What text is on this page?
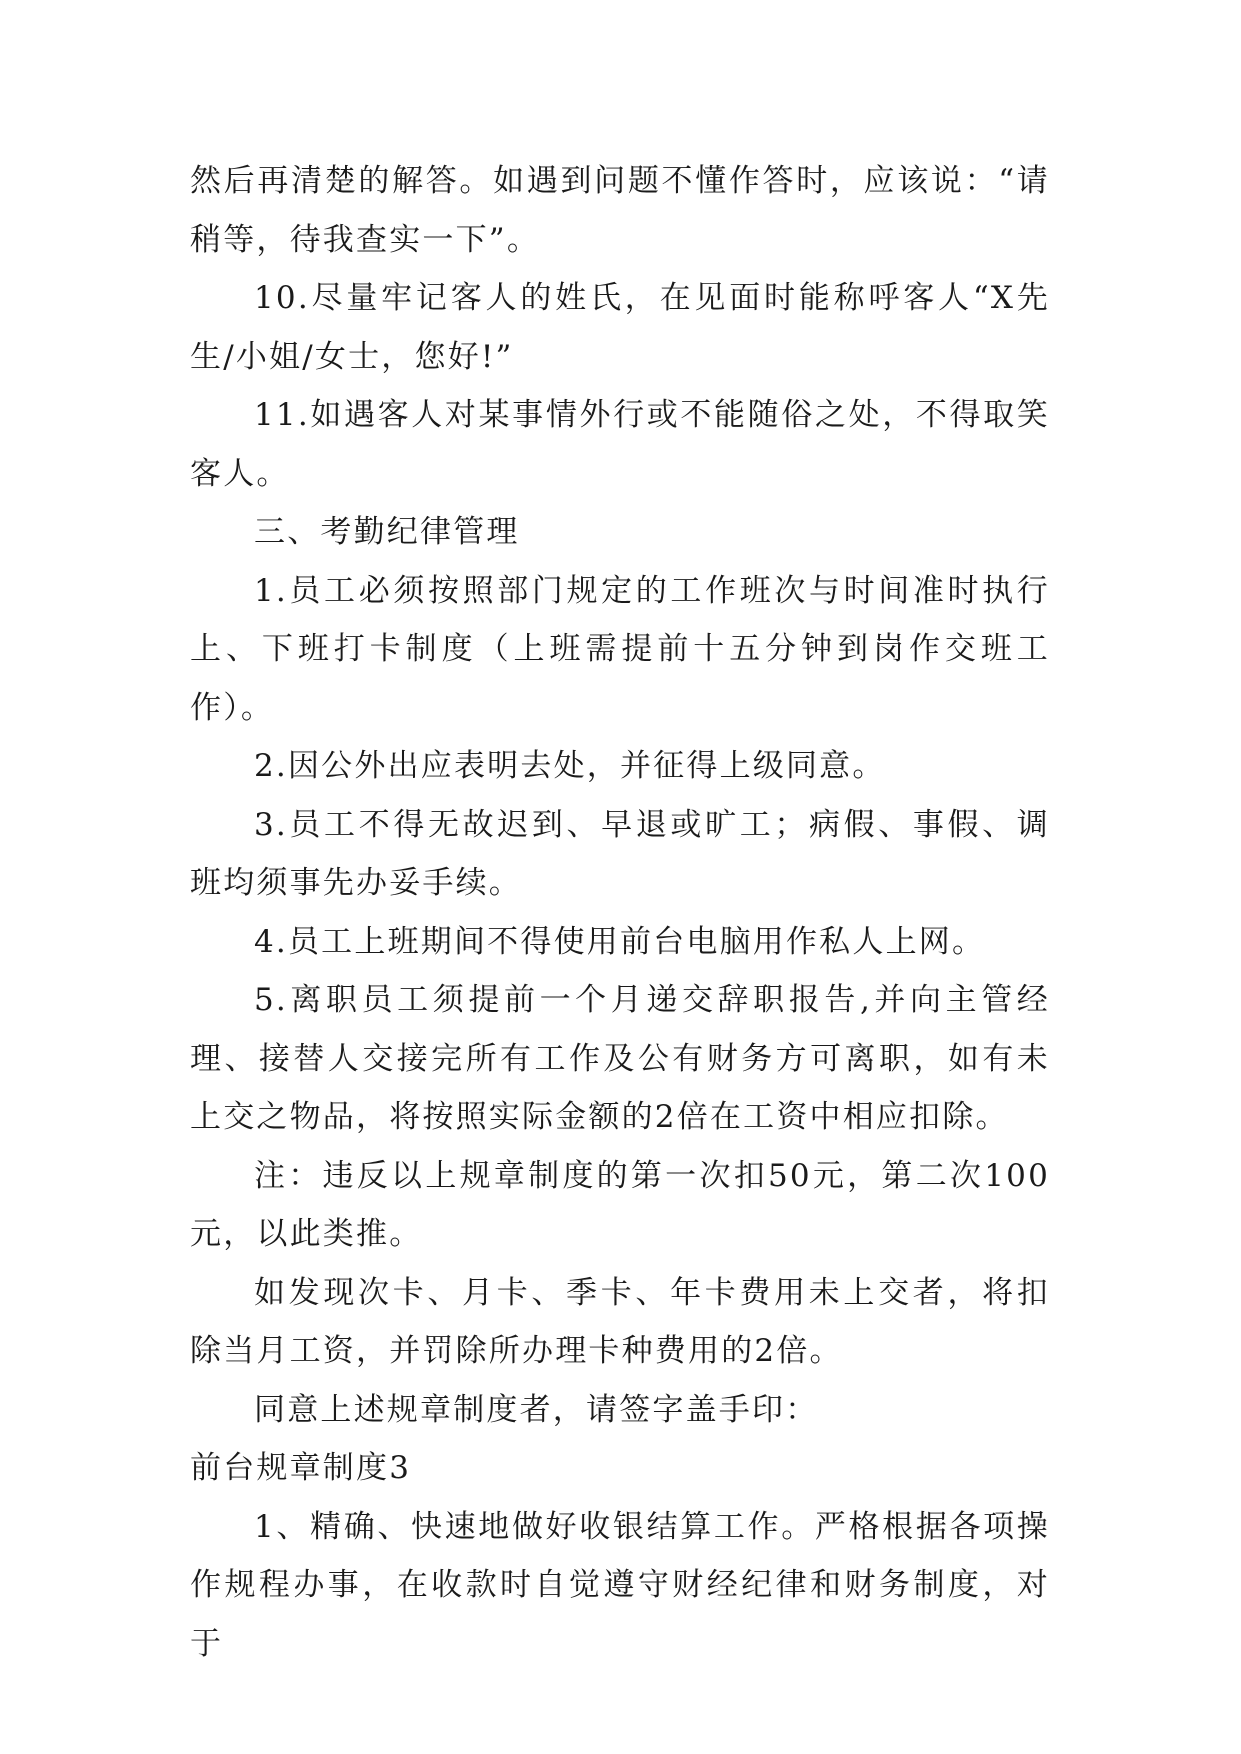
然后再清楚的解答。如遇到问题不懂作答时，应该说：“请稍等，待我查实一下”。

10.尽量牢记客人的姓氏，在见面时能称呼客人“X先生/小姐/女士，您好!”

11.如遇客人对某事情外行或不能随俗之处，不得取笑客人。

三、考勤纪律管理

1.员工必须按照部门规定的工作班次与时间准时执行上、下班打卡制度（上班需提前十五分钟到岗作交班工作）。

2.因公外出应表明去处，并征得上级同意。

3.员工不得无故迟到、早退或旷工；病假、事假、调班均须事先办妥手续。

4.员工上班期间不得使用前台电脑用作私人上网。

5.离职员工须提前一个月递交辞职报告,并向主管经理、接替人交接完所有工作及公有财务方可离职，如有未上交之物品，将按照实际金额的2倍在工资中相应扣除。

注：违反以上规章制度的第一次扣50元，第二次100元，以此类推。

如发现次卡、月卡、季卡、年卡费用未上交者，将扣除当月工资，并罚除所办理卡种费用的2倍。

同意上述规章制度者，请签字盖手印：

前台规章制度3

1、精确、快速地做好收银结算工作。严格根据各项操作规程办事，在收款时自觉遵守财经纪律和财务制度，对于
